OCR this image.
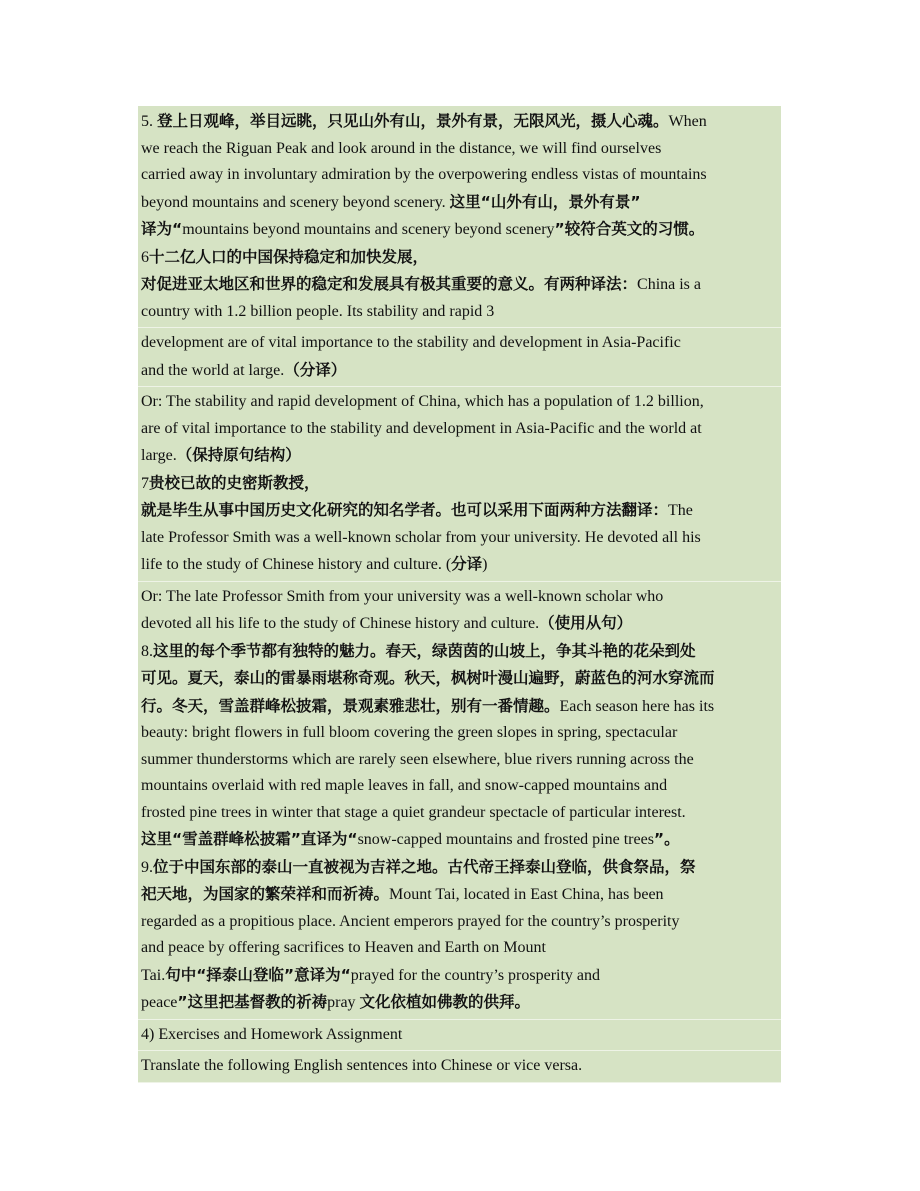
5. 登上日观峰，举目远眺，只见山外有山，景外有景，无限风光，摄人心魂。When
we reach the Riguan Peak and look around in the distance, we will find ourselves
carried away in involuntary admiration by the overpowering endless vistas of mountains
beyond mountains and scenery beyond scenery. 这里“山外有山，景外有景”
译为“mountains beyond mountains and scenery beyond scenery”较符合英文的习惯。
6十二亿人口的中国保持稳定和加快发展，
对促进亚太地区和世界的稳定和发展具有极其重要的意义。有两种译法：China is a
country with 1.2 billion people. Its stability and rapid 3
development are of vital importance to the stability and development in Asia-Pacific
and the world at large.（分译）
Or: The stability and rapid development of China, which has a population of 1.2 billion,
are of vital importance to the stability and development in Asia-Pacific and the world at
large.（保持原句结构）
7贵校已故的史密斯教授，
就是毕生从事中国历史文化研究的知名学者。也可以采用下面两种方法翻译：The
late Professor Smith was a well-known scholar from your university. He devoted all his
life to the study of Chinese history and culture. (分译)
Or: The late Professor Smith from your university was a well-known scholar who
devoted all his life to the study of Chinese history and culture.（使用从句）
8.这里的每个季节都有独特的魅力。春天，绿茵茵的山坡上，争其斗艳的花朵到处
可见。夏天，泰山的雷暴雨堪称奇观。秋天，枫树叶漫山遍野，蔚蓝色的河水穿流而
行。冬天，雪盖群峰松披霜，景观素雅悲壮，别有一番情趣。Each season here has its
beauty: bright flowers in full bloom covering the green slopes in spring, spectacular
summer thunderstorms which are rarely seen elsewhere, blue rivers running across the
mountains overlaid with red maple leaves in fall, and snow-capped mountains and
frosted pine trees in winter that stage a quiet grandeur spectacle of particular interest.
这里“雪盖群峰松披霜”直译为“snow-capped mountains and frosted pine trees”。
9.位于中国东部的泰山一直被视为吉祥之地。古代帝王择泰山登临，供食祭品，祭
祀天地，为国家的繁荣祥和而祈祷。Mount Tai, located in East China, has been
regarded as a propitious place. Ancient emperors prayed for the country’s prosperity
and peace by offering sacrifices to Heaven and Earth on Mount
Tai.句中“择泰山登临”意译为“prayed for the country’s prosperity and
peace”这里把基督教的祈祷pray 文化依植如佛教的供拜。
4) Exercises and Homework Assignment
Translate the following English sentences into Chinese or vice versa.
